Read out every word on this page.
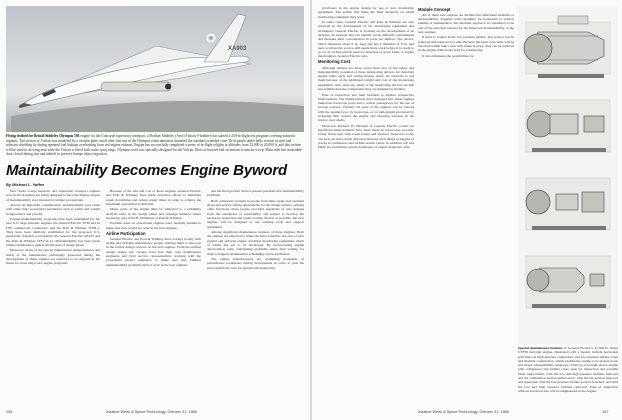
XA903
Flying testbed for Bristol Siddeley Olympus 593 engine for the Concorde supersonic transport, a Hawker Siddeley (Avro) Vulcan V-bomber, has started a 250-hr flight test program covering subsonic regimes. Tail section of Vulcan was modified by a circular plate cutoff after first run of the Olympus when nanotesis shattered the standard extended cone. Drift panels under belly section in steel and asbestos shielding by during repeated fuel leakage overheating from test engine exhaust. Engine has successfully completed a series of in-flight relights at altitudes from 33,000 to 20,000 ft, and this written will be used in de-icing tests after the Vulcan is fitted with water spray rings. Olympus used was specially designed for the Vulcan. Door at forward end on bottom is ram air scoop. Main inlet has retractable door closed during taxi and takeoff to prevent foreign object ingestion.
Maintainability Becomes Engine Byword
By Michael L. Yaffee

New York—Large subsonic and supersonic transport engines now in development are being designed to have the highest degree of maintainability ever invested in turbine powerplants.

Always an important consideration, maintainability now ranks with other basic powerplant parameters such as safety and weight in importance and priority.

Formal maintainability programs have been established for the new U.S. large subsonic engines: the General Electric TF39 and its CF6 commercial counterpart, and the Pratt & Whitney JT9D-1. They have been similarly established for the proposed U.S. supersonic transport powerplants: the General Electric GE4/J5 and the Pratt & Whitney JTF17A-21. Maintainability has been given prime consideration right from the start of design phase.

Moreover, many of the special maintenance design features and much of the maintenance philosophy generated during the development of these engines are expected to be adopted in the future for most major new engine programs.

Because of the size and cost of these engines, General Electric and Pratt & Whitney have made extensive efforts to minimize repair downtimes and reduce repair times in order to achieve the maximum operational availability.

Major parts of the engine must be subjected to a reliability analysis early in the design phase and redesign initiated where necessary, says John H. McManus of Pratt & Whitney.

Problem areas on operational engines were carefully studied to make sure they would not arise in the new engines.

Airline Participation

General Electric and Pratt & Whitney have worked closely with airline and airframe maintenance people, inviting them to take part in the formal design reviews on the new engines. From the earliest design stages, the carriers have had their own maintenance engineers and field service representatives working with the powerplant project engineers to make sure that familiar maintainability problems did not recur in the new engines.

and the final product did not present potential new maintainability problems.

Both companies brought in people from their repair and overhaul shops and service testing departments for the design reviews. Among other functions, these people provided appraisals of new designs from the standpoint of repairability and helped to develop the necessary inspection and repair tooling. Insofar as possible, the new engines will be designed to use existing tools and support equipment.

Among significant maintenance features of these engines: Both the engines are expected to make the most extensive use ever of new ground and airborne engine condition monitoring equipment, much of which has yet to be developed. By incorporating engine deterioration early, anticipating problems rather than waiting for them to happen, maintenance scheduling can be facilitated.

The engine manufacturers are examining thousands of performance parameters during development in order to pick the most significant ones for operational monitoring.

106	Aviation Week & Space Technology, October 31, 1966

provisions in the engine design for use of new monitoring equipment. The serials will make the final decisions on which monitoring equipment they want.

In some cases, General Electric and Pratt & Whitney are also involved in the development of the monitoring equipment and techniques. General Electric is working on the development of an airborne oil analyzer that can identify seven different contaminants and measure their concentration in parts per million. The device, which measures about 6 in. long and has a diameter of 8 in. and uses a radioactive source, still needs more work before it is ready to go on an oil line and be used for detection of gross faults or engine deterioration, General Electric says.

Monitoring Cost

Although airlines are more aware than ever of the safety and maintainability potential of these monitoring devices for detecting engine faults early and saving money, many are reluctant to put them because of the additional weight and cost of the monitoring equipment. Also, they say, many of the monitoring devices are still less reliable than the components they are designed to monitor.

Ease of inspection and fault isolation is another prospective improvement. The manufacturers have designed into these engines numerous borescope ports and a central passageway for the use of isotope sources. Virtually all parts of the engines can be viewed with the unaided eye, by borescope, or on radiographs produced by wrapping film around the engine and inserting isotopes in the hollow rotor shafts.

Moreover, Richard W. Hevener of General Electric points out significant improvements have been made in borescopes recently. Using borescopes with zoom lenses and viewers, inspectors today can pick out more detail and even measure such things as lengths of cracks in combustors and turbine nozzle vanes. In addition, GE and P&W are evaluating various techniques as engine diagnostic aids.

Module Concept

All of these new engines are divided into individual modules or subassemblies. Together with capability for horizontal or vertical buildup at maintenance, this modular approach is considered to be one of the principal reasons for the improved maintainability of the new engines.

If there is trouble in the low pressure turbine, that section can be removed and replaced as a unit. Because the basic rotor units will be balanced within their cases with vanes in place, they can be replaced in the engine without the need for rebalancing.

It also eliminates the possibilities for

Special maintenance features of General Electric's 41,500-lb. thrust CTF39 turbofan engine, illustrated with a model, include horizontal split lines on high pressure compressor and low pressure turbine cases and modular construction, which enables the engine to be broken down into major subassemblies. Sequence, from top to bottom, shows engine with compressor and turbine cases open for inspection and possible blade replacement, with the low and high pressure turbines removed and the combustion section pulled away; with the fan section removed and separated; with the low pressure turbine section detached; and with the low and high pressure turbines removed. Ease of inspection without teardown also will be emphasized in the engine.
Aviation Week & Space Technology, October 31, 1966	107
